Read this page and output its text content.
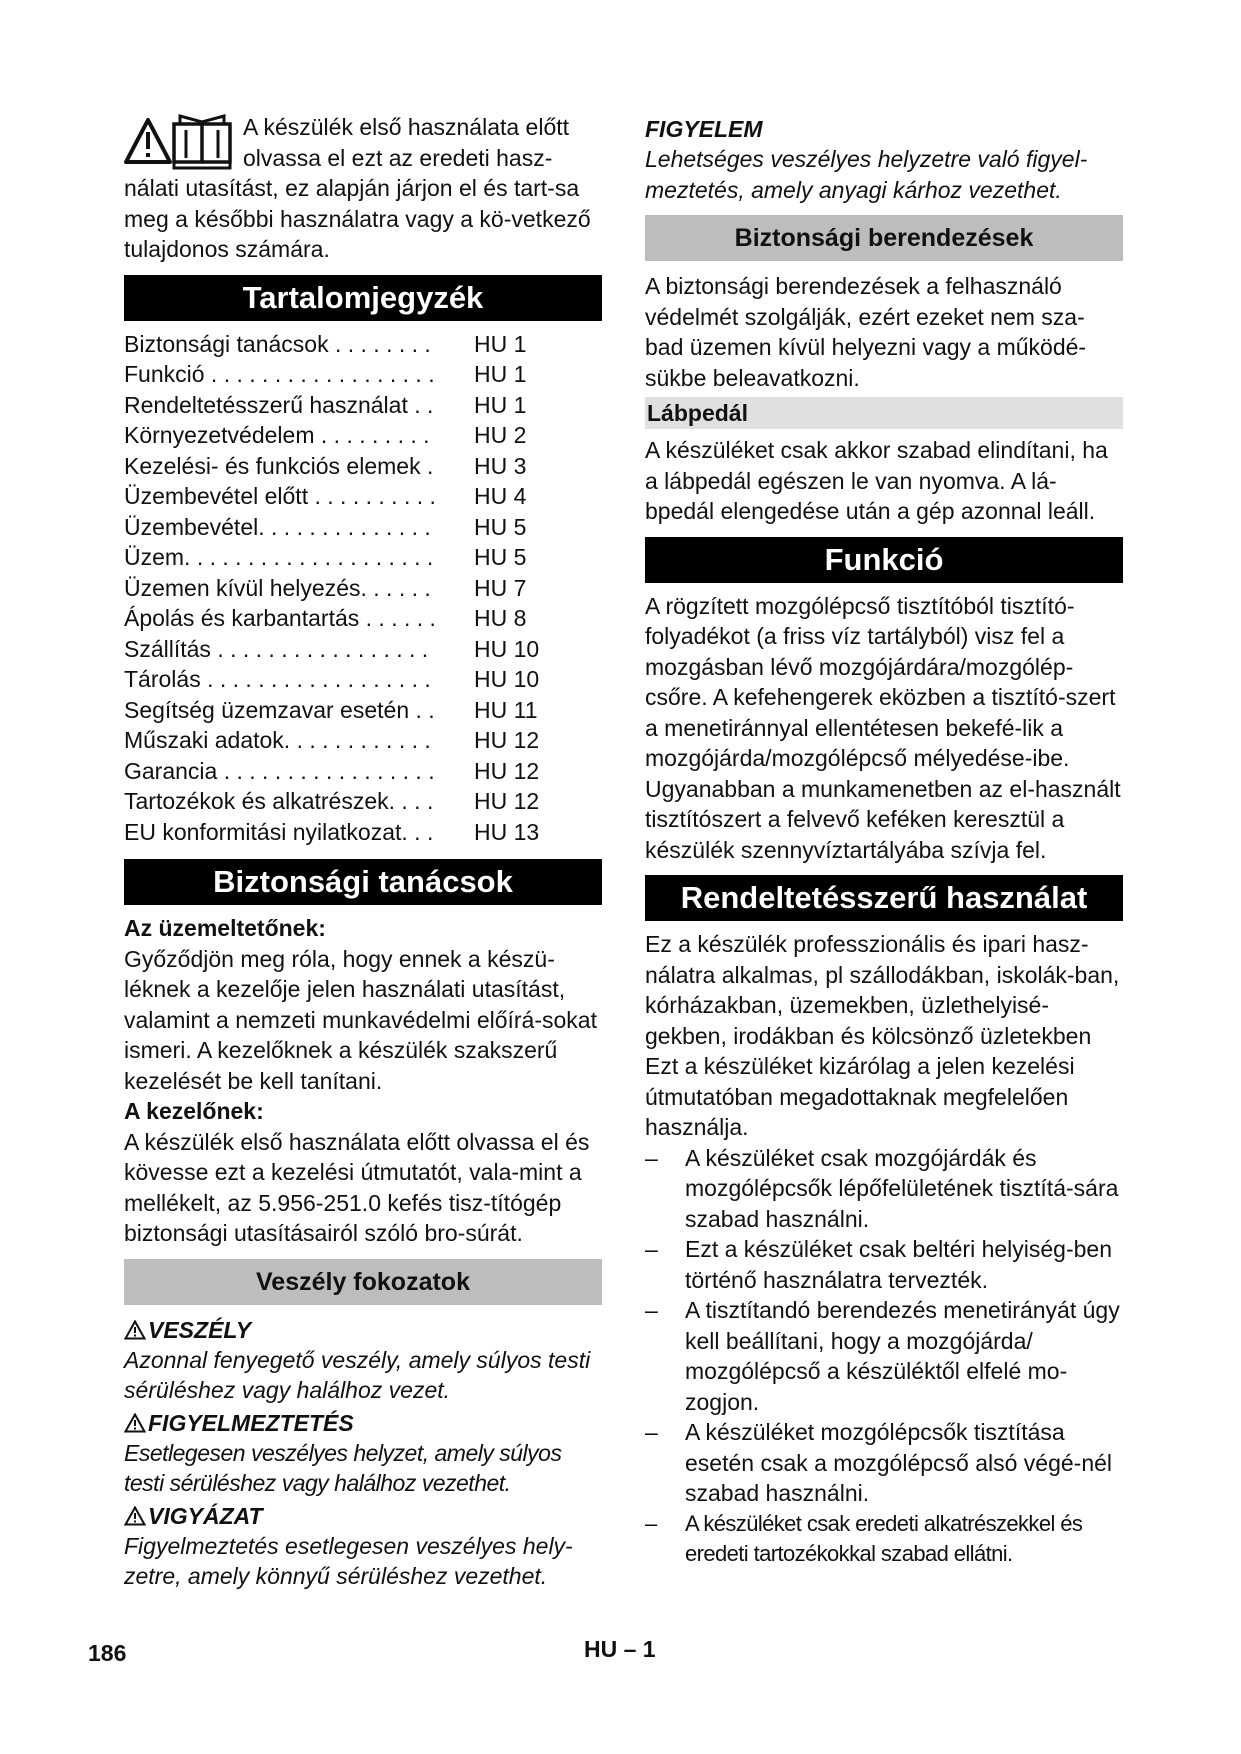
A készülék első használata előtt olvassa el ezt az eredeti hasz-nálati utasítást, ez alapján járjon el és tart-sa meg a későbbi használatra vagy a kö-vetkező tulajdonos számára.

Tartalomjegyzék
Biztonsági tanácsok . . . . . . . . HU 1
Funkció . . . . . . . . . . . . . . . . . . HU 1
Rendeltetésszerű használat . . HU 1
Környezetvédelem . . . . . . . . . HU 2
Kezelési- és funkciós elemek . HU 3
Üzembevétel előtt . . . . . . . . . . HU 4
Üzembevétel. . . . . . . . . . . . . . HU 5
Üzem. . . . . . . . . . . . . . . . . . . . HU 5
Üzemen kívül helyezés. . . . . . HU 7
Ápolás és karbantartás . . . . . . HU 8
Szállítás . . . . . . . . . . . . . . . . . HU 10
Tárolás . . . . . . . . . . . . . . . . . . HU 10
Segítség üzemzavar esetén . . HU 11
Műszaki adatok. . . . . . . . . . . . HU 12
Garancia . . . . . . . . . . . . . . . . . HU 12
Tartozékok és alkatrészek. . . . HU 12
EU konformitási nyilatkozat. . . HU 13
Biztonsági tanácsok

Az üzemeltetőnek:

Győződjön meg róla, hogy ennek a készü-léknek a kezelője jelen használati utasítást, valamint a nemzeti munkavédelmi előírá-sokat ismeri. A kezelőknek a készülék szakszerű kezelését be kell tanítani.

A kezelőnek:

A készülék első használata előtt olvassa el és kövesse ezt a kezelési útmutatót, vala-mint a mellékelt, az 5.956-251.0 kefés tisz-títógép biztonsági utasításairól szóló bro-súrát.

Veszély fokozatok
VESZÉLY

Azonnal fenyegető veszély, amely súlyos testi sérüléshez vagy halálhoz vezet.

FIGYELMEZTETÉS

Esetlegesen veszélyes helyzet, amely súlyos testi sérüléshez vagy halálhoz vezethet.

VIGYÁZAT

Figyelmeztetés esetlegesen veszélyes hely-zetre, amely könnyű sérüléshez vezethet.

FIGYELEM

Lehetséges veszélyes helyzetre való figyel-meztetés, amely anyagi kárhoz vezethet.

Biztonsági berendezések

A biztonsági berendezések a felhasználó védelmét szolgálják, ezért ezeket nem sza-bad üzemen kívül helyezni vagy a működé-sükbe beleavatkozni.

Lábpedál

A készüléket csak akkor szabad elindítani, ha a lábpedál egészen le van nyomva. A lá-bpedál elengedése után a gép azonnal leáll.

Funkció

A rögzített mozgólépcső tisztítóból tisztító-folyadékot (a friss víz tartályból) visz fel a mozgásban lévő mozgójárdára/mozgólép-csőre. A kefehengerek eközben a tisztító-szert a menetiránnyal ellentétesen bekefé-lik a mozgójárda/mozgólépcső mélyedése-ibe. Ugyanabban a munkamenetben az el-használt tisztítószert a felvevő keféken keresztül a készülék szennyvíztartályába szívja fel.

Rendeltetésszerű használat

Ez a készülék professzionális és ipari hasz-nálatra alkalmas, pl szállodákban, iskolák-ban, kórházakban, üzemekben, üzlethelyisé-gekben, irodákban és kölcsönző üzletekben Ezt a készüléket kizárólag a jelen kezelési útmutatóban megadottaknak megfelelően használja.

– A készüléket csak mozgójárdák és mozgólépcsők lépőfelületének tisztítá-sára szabad használni.
– Ezt a készüléket csak beltéri helyiség-ben történő használatra tervezték.
– A tisztítandó berendezés menetirányát úgy kell beállítani, hogy a mozgójárda/ mozgólépcső a készüléktől elfelé mo-zogjon.
– A készüléket mozgólépcsők tisztítása esetén csak a mozgólépcső alsó végé-nél szabad használni.
– A készüléket csak eredeti alkatrészekkel és eredeti tartozékokkal szabad ellátni.
186	HU – 1
